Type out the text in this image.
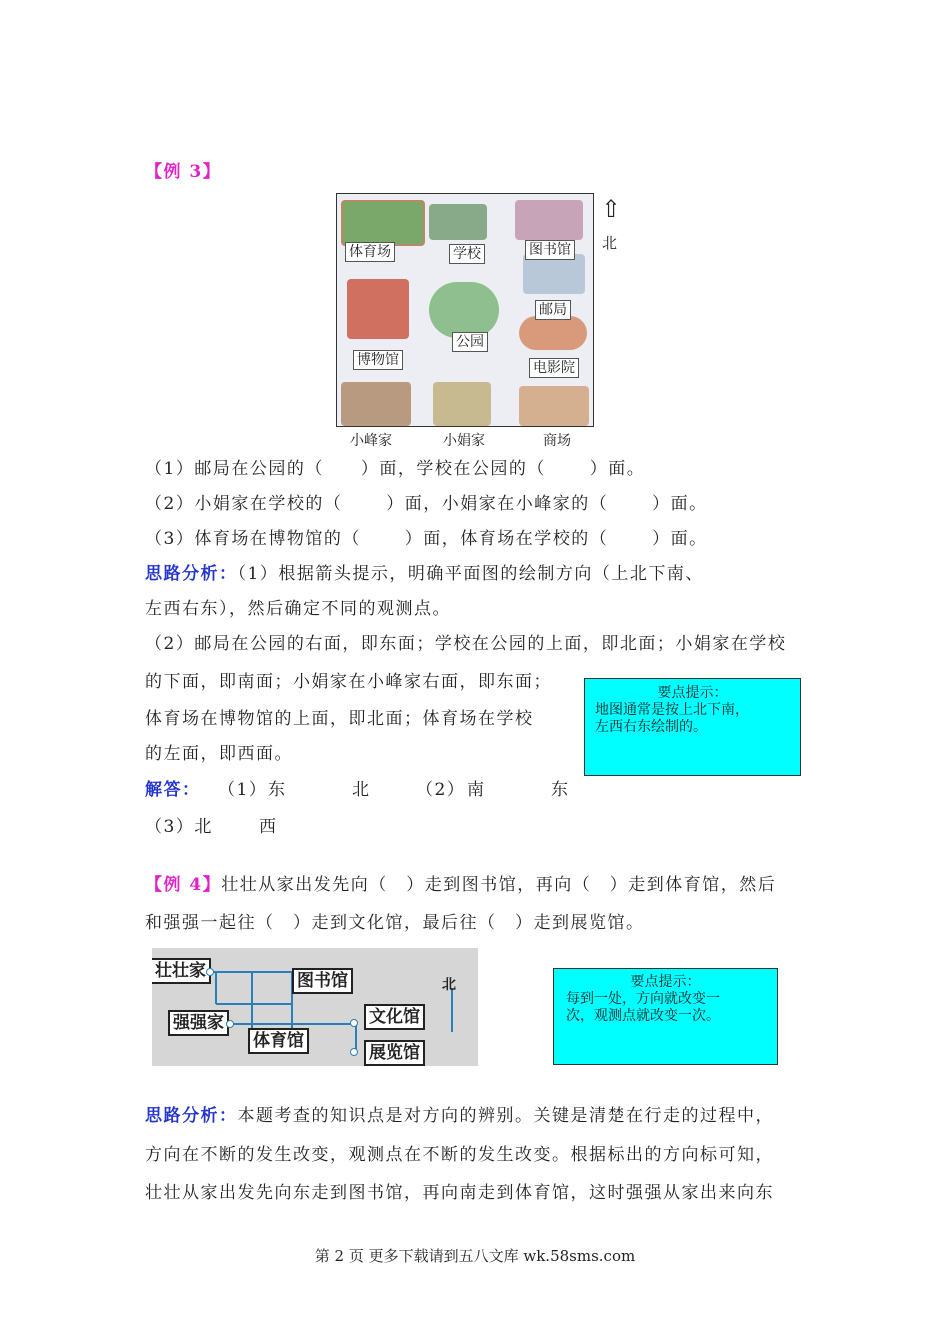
【例 3】
体育场	学校	图书馆
邮局
博物馆
公园
电影院
⇧
北
小峰家	小娟家	商场
（1）邮局在公园的（　　）面，学校在公园的（　　 ）面。
（2）小娟家在学校的（　　 ）面，小娟家在小峰家的（　　 ）面。
（3）体育场在博物馆的（　　 ）面，体育场在学校的（　　 ）面。
思路分析：（1）根据箭头提示，明确平面图的绘制方向（上北下南、
左西右东），然后确定不同的观测点。
（2）邮局在公园的右面，即东面；学校在公园的上面，即北面；小娟家在学校
的下面，即南面；小娟家在小峰家右面，即东面；
体育场在博物馆的上面，即北面；体育场在学校
的左面，即西面。
要点提示：
地图通常是按上北下南，
左西右东绘制的。
解答： （1） 东	北	（2） 南	东
（3）北	西
【例 4】壮壮从家出发先向（　）走到图书馆，再向（　）走到体育馆，然后
和强强一起往（　）走到文化馆，最后往（　）走到展览馆。
壮壮家	图书馆
强强家
体育馆
文化馆
展览馆
北	要点提示：
每到一处，方向就改变一
次，观测点就改变一次。
思路分析：本题考查的知识点是对方向的辨别。关键是清楚在行走的过程中，
方向在不断的发生改变，观测点在不断的发生改变。根据标出的方向标可知，
壮壮从家出发先向东走到图书馆，再向南走到体育馆，这时强强从家出来向东
第 2 页 更多下载请到五八文库 wk.58sms.com
